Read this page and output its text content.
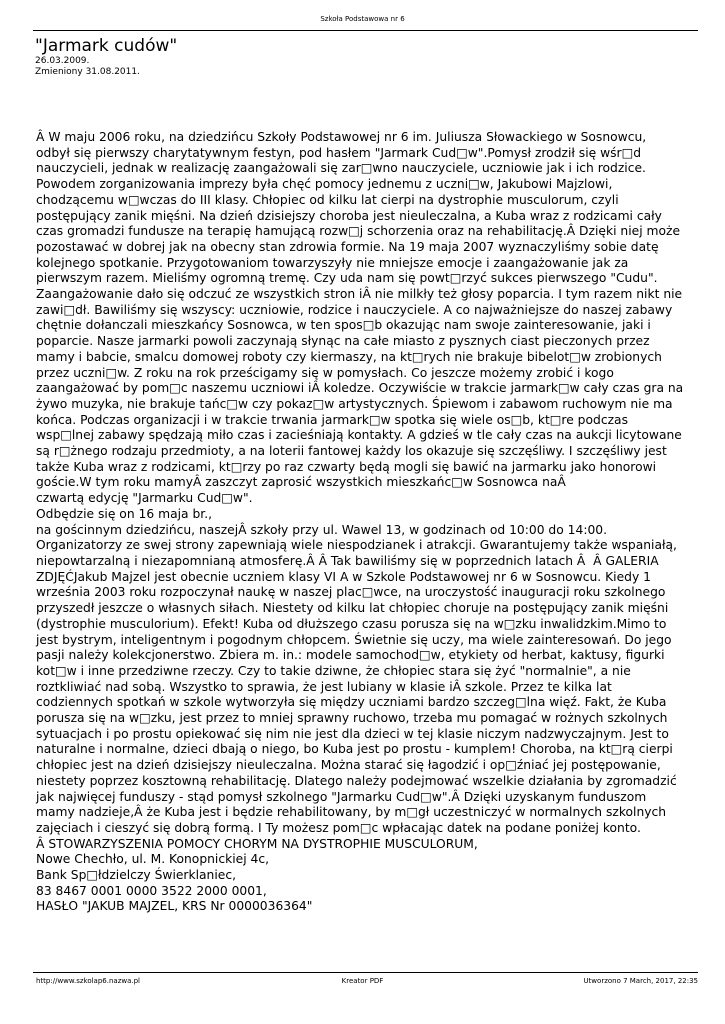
Szkoła Podstawowa nr 6
"Jarmark cudów"
26.03.2009.
Zmieniony 31.08.2011.
Â W maju 2006 roku, na dziedzińcu Szkoły Podstawowej nr 6 im. Juliusza Słowackiego w Sosnowcu,
odbył się pierwszy charytatywnym festyn, pod hasłem "Jarmark Cud□w".Pomysł zrodził się wśr□d
nauczycieli, jednak w realizację zaangażowali się zar□wno nauczyciele, uczniowie jak i ich rodzice.
Powodem zorganizowania imprezy była chęć pomocy jednemu z uczni□w, Jakubowi Majzlowi,
chodzącemu w□wczas do III klasy. Chłopiec od kilku lat cierpi na dystrophie musculorum, czyli
postępujący zanik mięśni. Na dzień dzisiejszy choroba jest nieuleczalna, a Kuba wraz z rodzicami cały
czas gromadzi fundusze na terapię hamującą rozw□j schorzenia oraz na rehabilitację.Â Dzięki niej może
pozostawać w dobrej jak na obecny stan zdrowia formie. Na 19 maja 2007 wyznaczyliśmy sobie datę
kolejnego spotkanie. Przygotowaniom towarzyszyły nie mniejsze emocje i zaangażowanie jak za
pierwszym razem. Mieliśmy ogromną tremę. Czy uda nam się powt□rzyć sukces pierwszego "Cudu".
Zaangażowanie dało się odczuć ze wszystkich stron iÂ nie milkły też głosy poparcia. I tym razem nikt nie
zawi□dł. Bawiliśmy się wszyscy: uczniowie, rodzice i nauczyciele. A co najważniejsze do naszej zabawy
chętnie dołanczali mieszkańcy Sosnowca, w ten spos□b okazując nam swoje zainteresowanie, jaki i
poparcie. Nasze jarmarki powoli zaczynają słynąc na całe miasto z pysznych ciast pieczonych przez
mamy i babcie, smalcu domowej roboty czy kiermaszy, na kt□rych nie brakuje bibelot□w zrobionych
przez uczni□w. Z roku na rok prześcigamy się w pomysłach. Co jeszcze możemy zrobić i kogo
zaangażować by pom□c naszemu uczniowi iÂ koledze. Oczywiście w trakcie jarmark□w cały czas gra na
żywo muzyka, nie brakuje tańc□w czy pokaz□w artystycznych. Śpiewom i zabawom ruchowym nie ma
końca. Podczas organizacji i w trakcie trwania jarmark□w spotka się wiele os□b, kt□re podczas
wsp□lnej zabawy spędzają miło czas i zacieśniają kontakty. A gdzieś w tle cały czas na aukcji licytowane
są r□żnego rodzaju przedmioty, a na loterii fantowej każdy los okazuje się szczęśliwy. I szczęśliwy jest
także Kuba wraz z rodzicami, kt□rzy po raz czwarty będą mogli się bawić na jarmarku jako honorowi
goście.W tym roku mamyÂ zaszczyt zaprosić wszystkich mieszkańc□w Sosnowca naÂ
czwartą edycję "Jarmarku Cud□w".
Odbędzie się on 16 maja br.,
na gościnnym dziedzińcu, naszejÂ szkoły przy ul. Wawel 13, w godzinach od 10:00 do 14:00.
Organizatorzy ze swej strony zapewniają wiele niespodzianek i atrakcji. Gwarantujemy także wspaniałą,
niepowtarzalną i niezapomnianą atmosferę.Â Â Tak bawiliśmy się w poprzednich latach Â  Â GALERIA
ZDJĘĆJakub Majzel jest obecnie uczniem klasy VI A w Szkole Podstawowej nr 6 w Sosnowcu. Kiedy 1
września 2003 roku rozpoczynał naukę w naszej plac□wce, na uroczystość inauguracji roku szkolnego
przyszedł jeszcze o własnych siłach. Niestety od kilku lat chłopiec choruje na postępujący zanik mięśni
(dystrophie musculorium). Efekt! Kuba od dłuższego czasu porusza się na w□zku inwalidzkim.Mimo to
jest bystrym, inteligentnym i pogodnym chłopcem. Świetnie się uczy, ma wiele zainteresowań. Do jego
pasji należy kolekcjonerstwo. Zbiera m. in.: modele samochod□w, etykiety od herbat, kaktusy, figurki
kot□w i inne przedziwne rzeczy. Czy to takie dziwne, że chłopiec stara się żyć "normalnie", a nie
roztkliwiać nad sobą. Wszystko to sprawia, że jest lubiany w klasie iÂ szkole. Przez te kilka lat
codziennych spotkań w szkole wytworzyła się między uczniami bardzo szczeg□lna więź. Fakt, że Kuba
porusza się na w□zku, jest przez to mniej sprawny ruchowo, trzeba mu pomagać w rożnych szkolnych
sytuacjach i po prostu opiekować się nim nie jest dla dzieci w tej klasie niczym nadzwyczajnym. Jest to
naturalne i normalne, dzieci dbają o niego, bo Kuba jest po prostu - kumplem! Choroba, na kt□rą cierpi
chłopiec jest na dzień dzisiejszy nieuleczalna. Można starać się łagodzić i op□źniać jej postępowanie,
niestety poprzez kosztowną rehabilitację. Dlatego należy podejmować wszelkie działania by zgromadzić
jak najwięcej funduszy - stąd pomysł szkolnego "Jarmarku Cud□w".Â Dzięki uzyskanym funduszom
mamy nadzieje,Â że Kuba jest i będzie rehabilitowany, by m□gł uczestniczyć w normalnych szkolnych
zajęciach i cieszyć się dobrą formą. I Ty możesz pom□c wpłacając datek na podane poniżej konto.
Â STOWARZYSZENIA POMOCY CHORYM NA DYSTROPHIE MUSCULORUM,
Nowe Chechło, ul. M. Konopnickiej 4c,
Bank Sp□łdzielczy Świerklaniec,
83 8467 0001 0000 3522 2000 0001,
HASŁO "JAKUB MAJZEL, KRS Nr 0000036364"
http://www.szkolap6.nazwa.pl	Kreator PDF	Utworzono 7 March, 2017, 22:35
